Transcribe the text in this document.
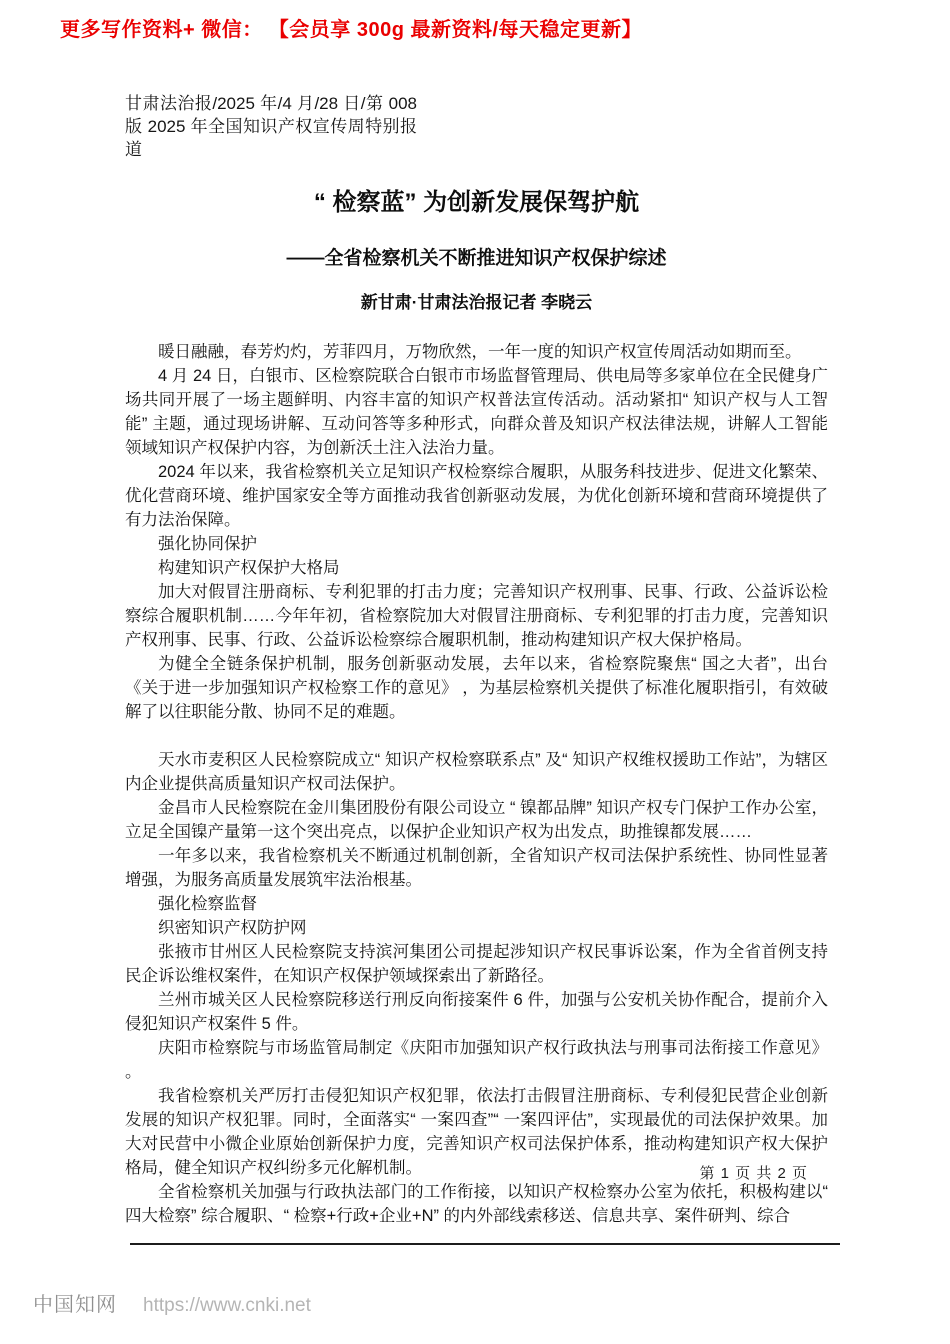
更多写作资料+ 微信： 【会员享 300g 最新资料/每天稳定更新】
甘肃法治报/2025 年/4 月/28 日/第 008 版 2025 年全国知识产权宣传周特别报道
“ 检察蓝” 为创新发展保驾护航
——全省检察机关不断推进知识产权保护综述
新甘肃·甘肃法治报记者 李晓云

暖日融融，春芳灼灼，芳菲四月，万物欣然，一年一度的知识产权宣传周活动如期而至。

4 月 24 日，白银市、区检察院联合白银市市场监督管理局、供电局等多家单位在全民健身广场共同开展了一场主题鲜明、内容丰富的知识产权普法宣传活动。活动紧扣“ 知识产权与人工智能” 主题，通过现场讲解、互动问答等多种形式，向群众普及知识产权法律法规，讲解人工智能领域知识产权保护内容，为创新沃土注入法治力量。

2024 年以来，我省检察机关立足知识产权检察综合履职，从服务科技进步、促进文化繁荣、优化营商环境、维护国家安全等方面推动我省创新驱动发展，为优化创新环境和营商环境提供了有力法治保障。

强化协同保护

构建知识产权保护大格局

加大对假冒注册商标、专利犯罪的打击力度；完善知识产权刑事、民事、行政、公益诉讼检察综合履职机制……今年年初，省检察院加大对假冒注册商标、专利犯罪的打击力度，完善知识产权刑事、民事、行政、公益诉讼检察综合履职机制，推动构建知识产权大保护格局。

为健全全链条保护机制，服务创新驱动发展，去年以来，省检察院聚焦“ 国之大者”，出台《关于进一步加强知识产权检察工作的意见》 ，为基层检察机关提供了标准化履职指引，有效破解了以往职能分散、协同不足的难题。

天水市麦积区人民检察院成立“ 知识产权检察联系点” 及“ 知识产权维权援助工作站”，为辖区内企业提供高质量知识产权司法保护。

金昌市人民检察院在金川集团股份有限公司设立 “ 镍都品牌” 知识产权专门保护工作办公室，立足全国镍产量第一这个突出亮点，以保护企业知识产权为出发点，助推镍都发展……

一年多以来，我省检察机关不断通过机制创新，全省知识产权司法保护系统性、协同性显著增强，为服务高质量发展筑牢法治根基。

强化检察监督

织密知识产权防护网

张掖市甘州区人民检察院支持滨河集团公司提起涉知识产权民事诉讼案，作为全省首例支持民企诉讼维权案件，在知识产权保护领域探索出了新路径。

兰州市城关区人民检察院移送行刑反向衔接案件 6 件，加强与公安机关协作配合，提前介入侵犯知识产权案件 5 件。

庆阳市检察院与市场监管局制定《庆阳市加强知识产权行政执法与刑事司法衔接工作意见》 。

我省检察机关严厉打击侵犯知识产权犯罪，依法打击假冒注册商标、专利侵犯民营企业创新发展的知识产权犯罪。同时，全面落实“ 一案四查”“ 一案四评估”，实现最优的司法保护效果。加大对民营中小微企业原始创新保护力度，完善知识产权司法保护体系，推动构建知识产权大保护格局，健全知识产权纠纷多元化解机制。

全省检察机关加强与行政执法部门的工作衔接，以知识产权检察办公室为依托，积极构建以“ 四大检察” 综合履职、“ 检察+行政+企业+N” 的内外部线索移送、信息共享、案件研判、综合

第 1 页 共 2 页
中国知网 https://www.cnki.net
